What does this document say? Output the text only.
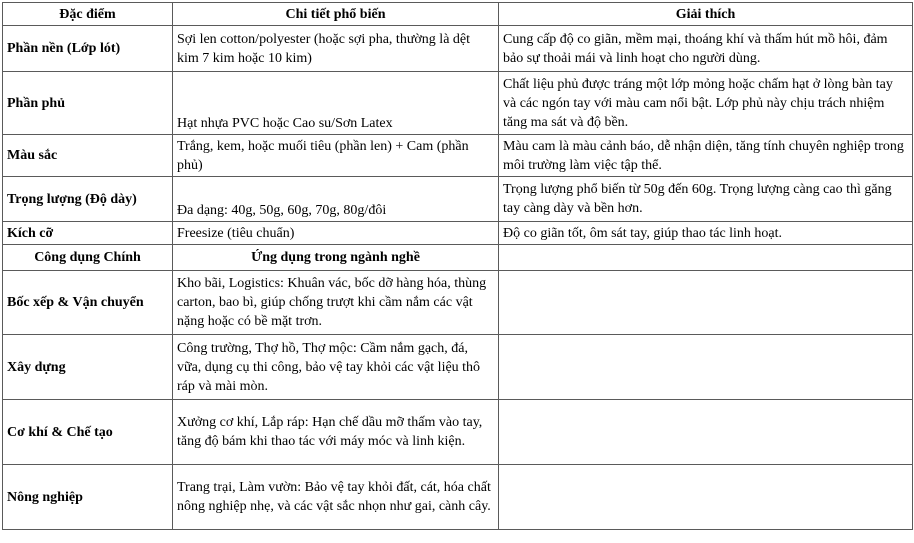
Đặc điểm	Chi tiết phổ biến	Giải thích
Phần nền (Lớp lót)	Sợi len cotton/polyester (hoặc sợi pha, thường là dệt kim 7 kim hoặc 10 kim)	Cung cấp độ co giãn, mềm mại, thoáng khí và thấm hút mồ hôi, đảm bảo sự thoải mái và linh hoạt cho người dùng.
Phần phủ	Hạt nhựa PVC hoặc Cao su/Sơn Latex	Chất liệu phủ được tráng một lớp mỏng hoặc chấm hạt ở lòng bàn tay và các ngón tay với màu cam nổi bật. Lớp phủ này chịu trách nhiệm tăng ma sát và độ bền.
Màu sắc	Trắng, kem, hoặc muối tiêu (phần len) + Cam (phần phủ)	Màu cam là màu cảnh báo, dễ nhận diện, tăng tính chuyên nghiệp trong môi trường làm việc tập thể.
Trọng lượng (Độ dày)	Đa dạng: 40g, 50g, 60g, 70g, 80g/đôi	Trọng lượng phổ biến từ 50g đến 60g. Trọng lượng càng cao thì găng tay càng dày và bền hơn.
Kích cỡ	Freesize (tiêu chuẩn)	Độ co giãn tốt, ôm sát tay, giúp thao tác linh hoạt.
Công dụng Chính	Ứng dụng trong ngành nghề	
Bốc xếp & Vận chuyển	Kho bãi, Logistics: Khuân vác, bốc dỡ hàng hóa, thùng carton, bao bì, giúp chống trượt khi cầm nắm các vật nặng hoặc có bề mặt trơn.	
Xây dựng	Công trường, Thợ hồ, Thợ mộc: Cầm nắm gạch, đá, vữa, dụng cụ thi công, bảo vệ tay khỏi các vật liệu thô ráp và mài mòn.	
Cơ khí & Chế tạo	Xưởng cơ khí, Lắp ráp: Hạn chế dầu mỡ thấm vào tay, tăng độ bám khi thao tác với máy móc và linh kiện.	
Nông nghiệp	Trang trại, Làm vườn: Bảo vệ tay khỏi đất, cát, hóa chất nông nghiệp nhẹ, và các vật sắc nhọn như gai, cành cây.	
